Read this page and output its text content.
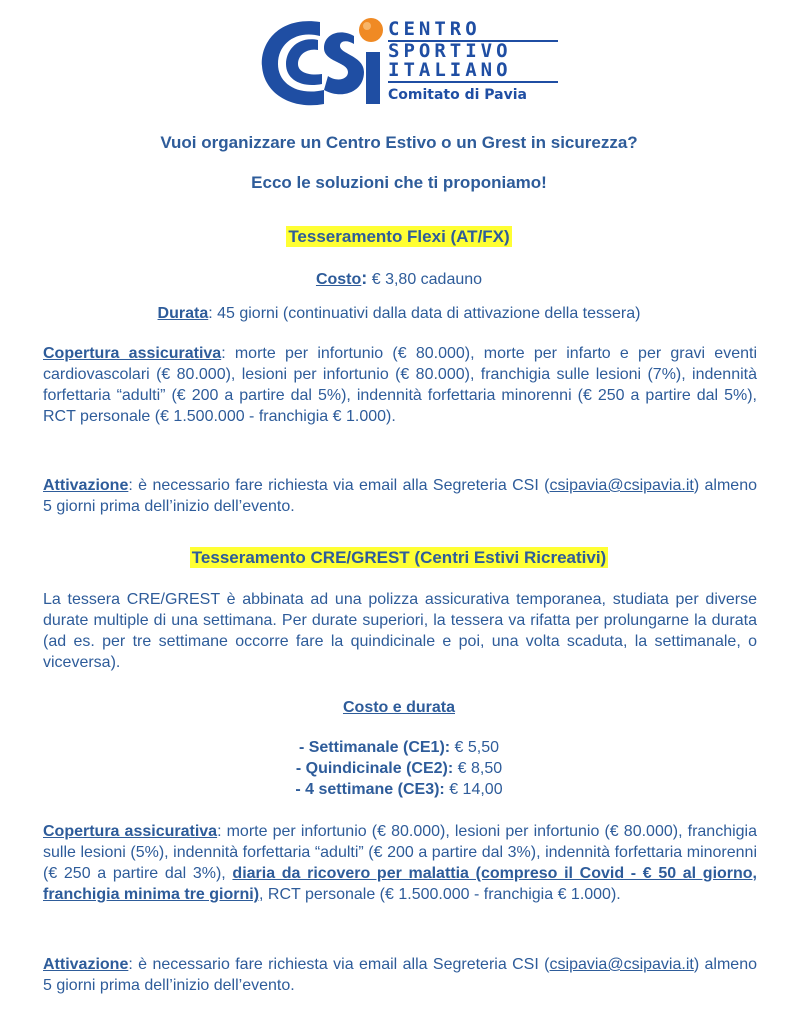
CENTRO
SPORTIVO
ITALIANO
Comitato di Pavia
Vuoi organizzare un Centro Estivo o un Grest in sicurezza?
Ecco le soluzioni che ti proponiamo!
Tesseramento Flexi (AT/FX)
Costo: € 3,80 cadauno
Durata: 45 giorni (continuativi dalla data di attivazione della tessera)
Copertura assicurativa: morte per infortunio (€ 80.000), morte per infarto e per gravi eventi cardiovascolari (€ 80.000), lesioni per infortunio (€ 80.000), franchigia sulle lesioni (7%), indennità forfettaria “adulti” (€ 200 a partire dal 5%), indennità forfettaria minorenni (€ 250 a partire dal 5%), RCT personale (€ 1.500.000 - franchigia € 1.000).
Attivazione: è necessario fare richiesta via email alla Segreteria CSI (csipavia@csipavia.it) almeno 5 giorni prima dell’inizio dell’evento.
Tesseramento CRE/GREST (Centri Estivi Ricreativi)
La tessera CRE/GREST è abbinata ad una polizza assicurativa temporanea, studiata per diverse durate multiple di una settimana. Per durate superiori, la tessera va rifatta per prolungarne la durata (ad es. per tre settimane occorre fare la quindicinale e poi, una volta scaduta, la settimanale, o viceversa).
Costo e durata
- Settimanale (CE1): € 5,50
- Quindicinale (CE2): € 8,50
- 4 settimane (CE3): € 14,00
Copertura assicurativa: morte per infortunio (€ 80.000), lesioni per infortunio (€ 80.000), franchigia sulle lesioni (5%), indennità forfettaria “adulti” (€ 200 a partire dal 3%), indennità forfettaria minorenni (€ 250 a partire dal 3%), diaria da ricovero per malattia (compreso il Covid - € 50 al giorno, franchigia minima tre giorni), RCT personale (€ 1.500.000 - franchigia € 1.000).
Attivazione: è necessario fare richiesta via email alla Segreteria CSI (csipavia@csipavia.it) almeno 5 giorni prima dell’inizio dell’evento.
